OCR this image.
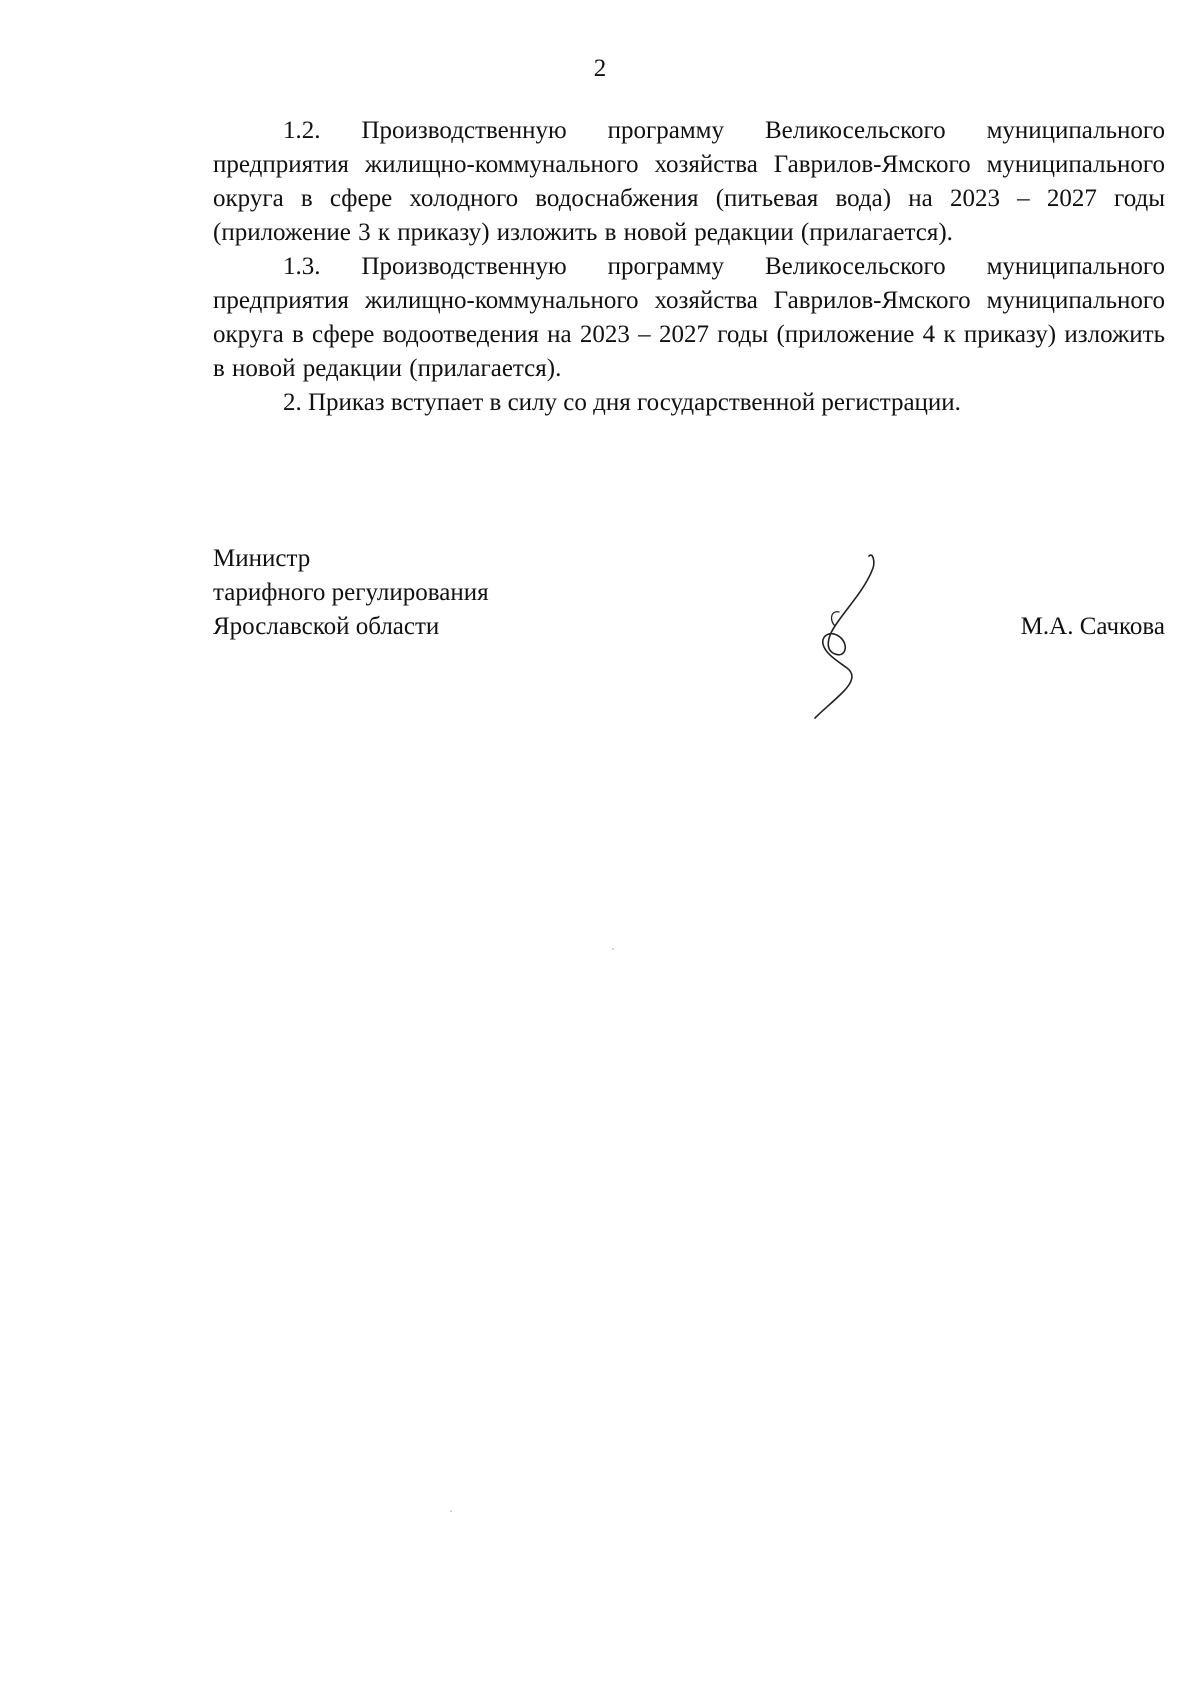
2

1.2. Производственную программу Великосельского муниципального предприятия жилищно-коммунального хозяйства Гаврилов-Ямского муниципального округа в сфере холодного водоснабжения (питьевая вода) на 2023 – 2027 годы (приложение 3 к приказу) изложить в новой редакции (прилагается).

1.3. Производственную программу Великосельского муниципального предприятия жилищно-коммунального хозяйства Гаврилов-Ямского муниципального округа в сфере водоотведения на 2023 – 2027 годы (приложение 4 к приказу) изложить в новой редакции (прилагается).

2. Приказ вступает в силу со дня государственной регистрации.

Министр
тарифного регулирования
Ярославской области	М.А. Сачкова
